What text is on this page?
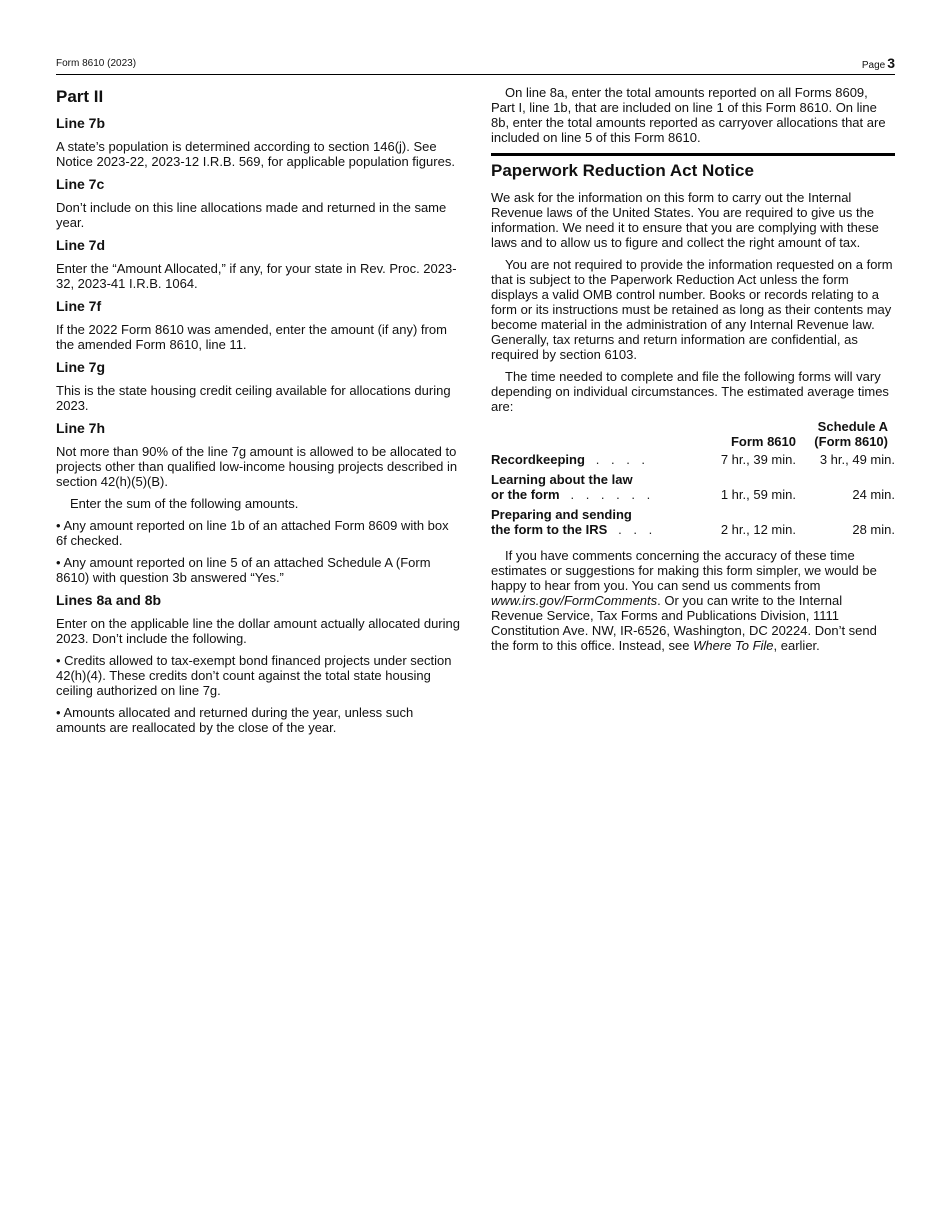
Form 8610 (2023)	Page 3
Part II
Line 7b

A state’s population is determined according to section 146(j). See Notice 2023-22, 2023-12 I.R.B. 569, for applicable population figures.

Line 7c

Don’t include on this line allocations made and returned in the same year.

Line 7d

Enter the “Amount Allocated,” if any, for your state in Rev. Proc. 2023-32, 2023-41 I.R.B. 1064.

Line 7f

If the 2022 Form 8610 was amended, enter the amount (if any) from the amended Form 8610, line 11.

Line 7g

This is the state housing credit ceiling available for allocations during 2023.

Line 7h

Not more than 90% of the line 7g amount is allowed to be allocated to projects other than qualified low-income housing projects described in section 42(h)(5)(B).

Enter the sum of the following amounts.

• Any amount reported on line 1b of an attached Form 8609 with box 6f checked.

• Any amount reported on line 5 of an attached Schedule A (Form 8610) with question 3b answered “Yes.”

Lines 8a and 8b

Enter on the applicable line the dollar amount actually allocated during 2023. Don’t include the following.

• Credits allowed to tax-exempt bond financed projects under section 42(h)(4). These credits don’t count against the total state housing ceiling authorized on line 7g.

• Amounts allocated and returned during the year, unless such amounts are reallocated by the close of the year.

On line 8a, enter the total amounts reported on all Forms 8609, Part I, line 1b, that are included on line 1 of this Form 8610. On line 8b, enter the total amounts reported as carryover allocations that are included on line 5 of this Form 8610.

Paperwork Reduction Act Notice

We ask for the information on this form to carry out the Internal Revenue laws of the United States. You are required to give us the information. We need it to ensure that you are complying with these laws and to allow us to figure and collect the right amount of tax.

You are not required to provide the information requested on a form that is subject to the Paperwork Reduction Act unless the form displays a valid OMB control number. Books or records relating to a form or its instructions must be retained as long as their contents may become material in the administration of any Internal Revenue law. Generally, tax returns and return information are confidential, as required by section 6103.

The time needed to complete and file the following forms will vary depending on individual circumstances. The estimated average times are:

	Form 8610	Schedule A
(Form 8610)
Recordkeeping . . . .	7 hr., 39 min.	3 hr., 49 min.
Learning about the law
or the form . . . . . .	1 hr., 59 min.	24 min.
Preparing and sending
the form to the IRS . . .	2 hr., 12 min.	28 min.

If you have comments concerning the accuracy of these time estimates or suggestions for making this form simpler, we would be happy to hear from you. You can send us comments from www.irs.gov/FormComments. Or you can write to the Internal Revenue Service, Tax Forms and Publications Division, 1111 Constitution Ave. NW, IR-6526, Washington, DC 20224. Don’t send the form to this office. Instead, see Where To File, earlier.
